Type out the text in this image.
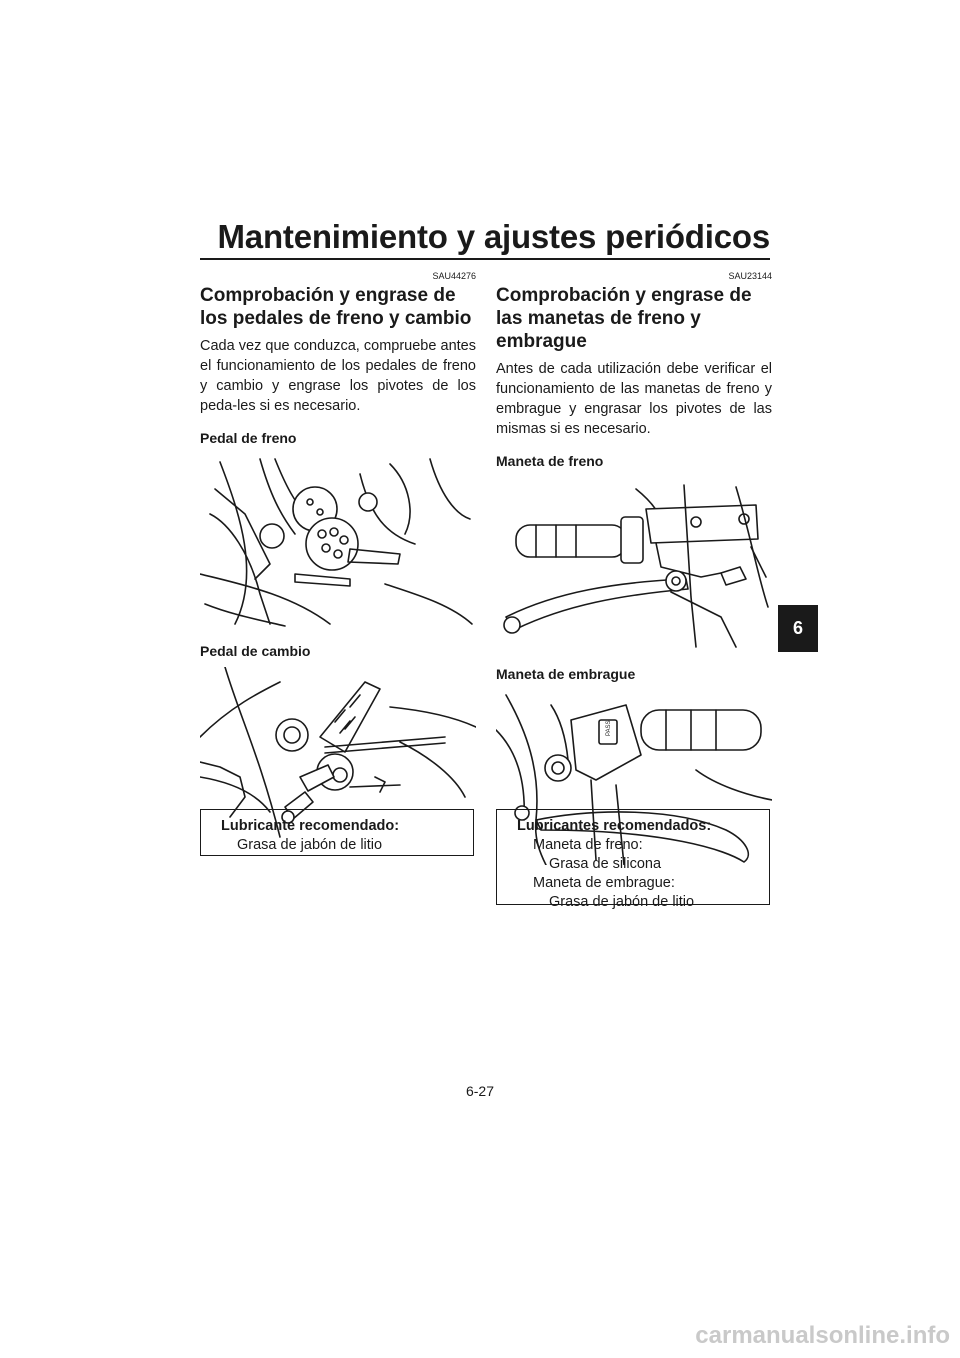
Mantenimiento y ajustes periódicos
SAU44276
Comprobación y engrase de los pedales de freno y cambio

Cada vez que conduzca, compruebe antes el funcionamiento de los pedales de freno y cambio y engrase los pivotes de los peda-les si es necesario.

Pedal de freno
Pedal de cambio
SAU23144
Comprobación y engrase de las manetas de freno y embrague

Antes de cada utilización debe verificar el funcionamiento de las manetas de freno y embrague y engrasar los pivotes de las mismas si es necesario.

Maneta de freno
Maneta de embrague
PASS
Lubricante recomendado:
Grasa de jabón de litio
Lubricantes recomendados:
Maneta de freno:
Grasa de silicona
Maneta de embrague:
Grasa de jabón de litio
6
6-27
carmanualsonline.info
